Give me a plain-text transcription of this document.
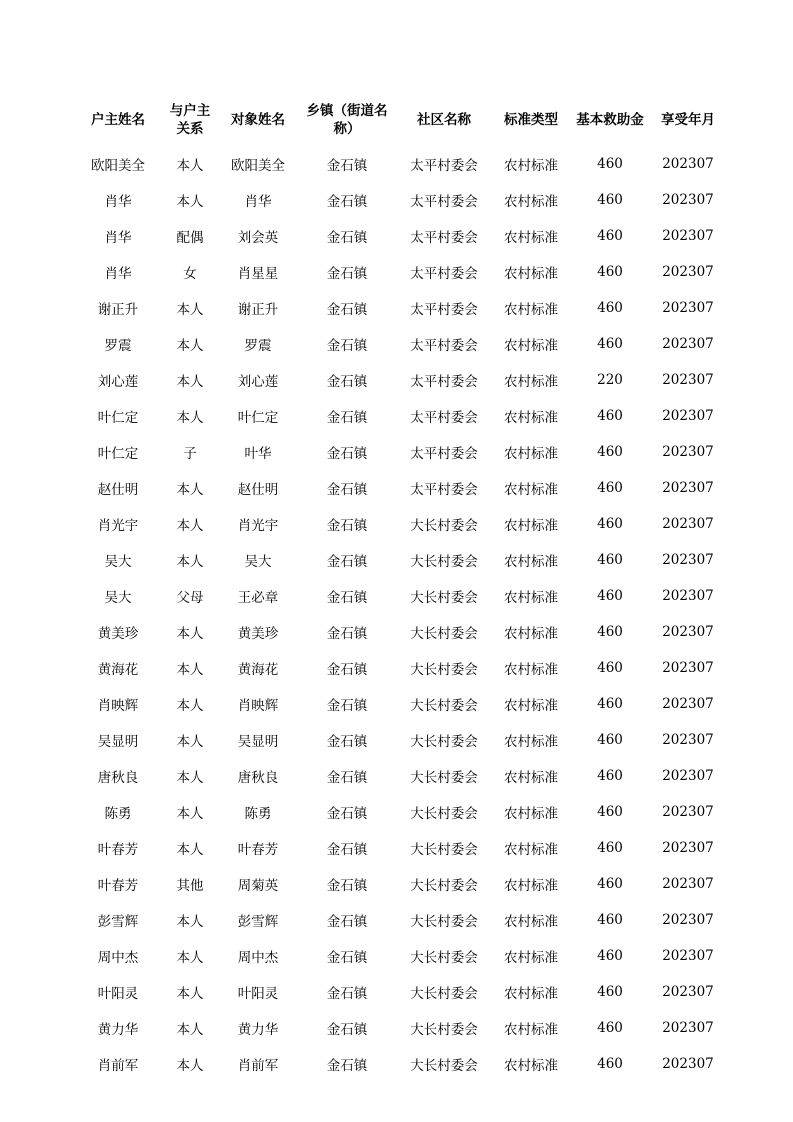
户主姓名	与户主关系	对象姓名	乡镇（街道名称）	社区名称	标准类型	基本救助金	享受年月
欧阳美全	本人	欧阳美全	金石镇	太平村委会	农村标准	460	202307
肖华	本人	肖华	金石镇	太平村委会	农村标准	460	202307
肖华	配偶	刘会英	金石镇	太平村委会	农村标准	460	202307
肖华	女	肖星星	金石镇	太平村委会	农村标准	460	202307
谢正升	本人	谢正升	金石镇	太平村委会	农村标准	460	202307
罗震	本人	罗震	金石镇	太平村委会	农村标准	460	202307
刘心莲	本人	刘心莲	金石镇	太平村委会	农村标准	220	202307
叶仁定	本人	叶仁定	金石镇	太平村委会	农村标准	460	202307
叶仁定	子	叶华	金石镇	太平村委会	农村标准	460	202307
赵仕明	本人	赵仕明	金石镇	太平村委会	农村标准	460	202307
肖光宇	本人	肖光宇	金石镇	大长村委会	农村标准	460	202307
吴大	本人	吴大	金石镇	大长村委会	农村标准	460	202307
吴大	父母	王必章	金石镇	大长村委会	农村标准	460	202307
黄美珍	本人	黄美珍	金石镇	大长村委会	农村标准	460	202307
黄海花	本人	黄海花	金石镇	大长村委会	农村标准	460	202307
肖映辉	本人	肖映辉	金石镇	大长村委会	农村标准	460	202307
吴显明	本人	吴显明	金石镇	大长村委会	农村标准	460	202307
唐秋良	本人	唐秋良	金石镇	大长村委会	农村标准	460	202307
陈勇	本人	陈勇	金石镇	大长村委会	农村标准	460	202307
叶春芳	本人	叶春芳	金石镇	大长村委会	农村标准	460	202307
叶春芳	其他	周菊英	金石镇	大长村委会	农村标准	460	202307
彭雪辉	本人	彭雪辉	金石镇	大长村委会	农村标准	460	202307
周中杰	本人	周中杰	金石镇	大长村委会	农村标准	460	202307
叶阳灵	本人	叶阳灵	金石镇	大长村委会	农村标准	460	202307
黄力华	本人	黄力华	金石镇	大长村委会	农村标准	460	202307
肖前军	本人	肖前军	金石镇	大长村委会	农村标准	460	202307
